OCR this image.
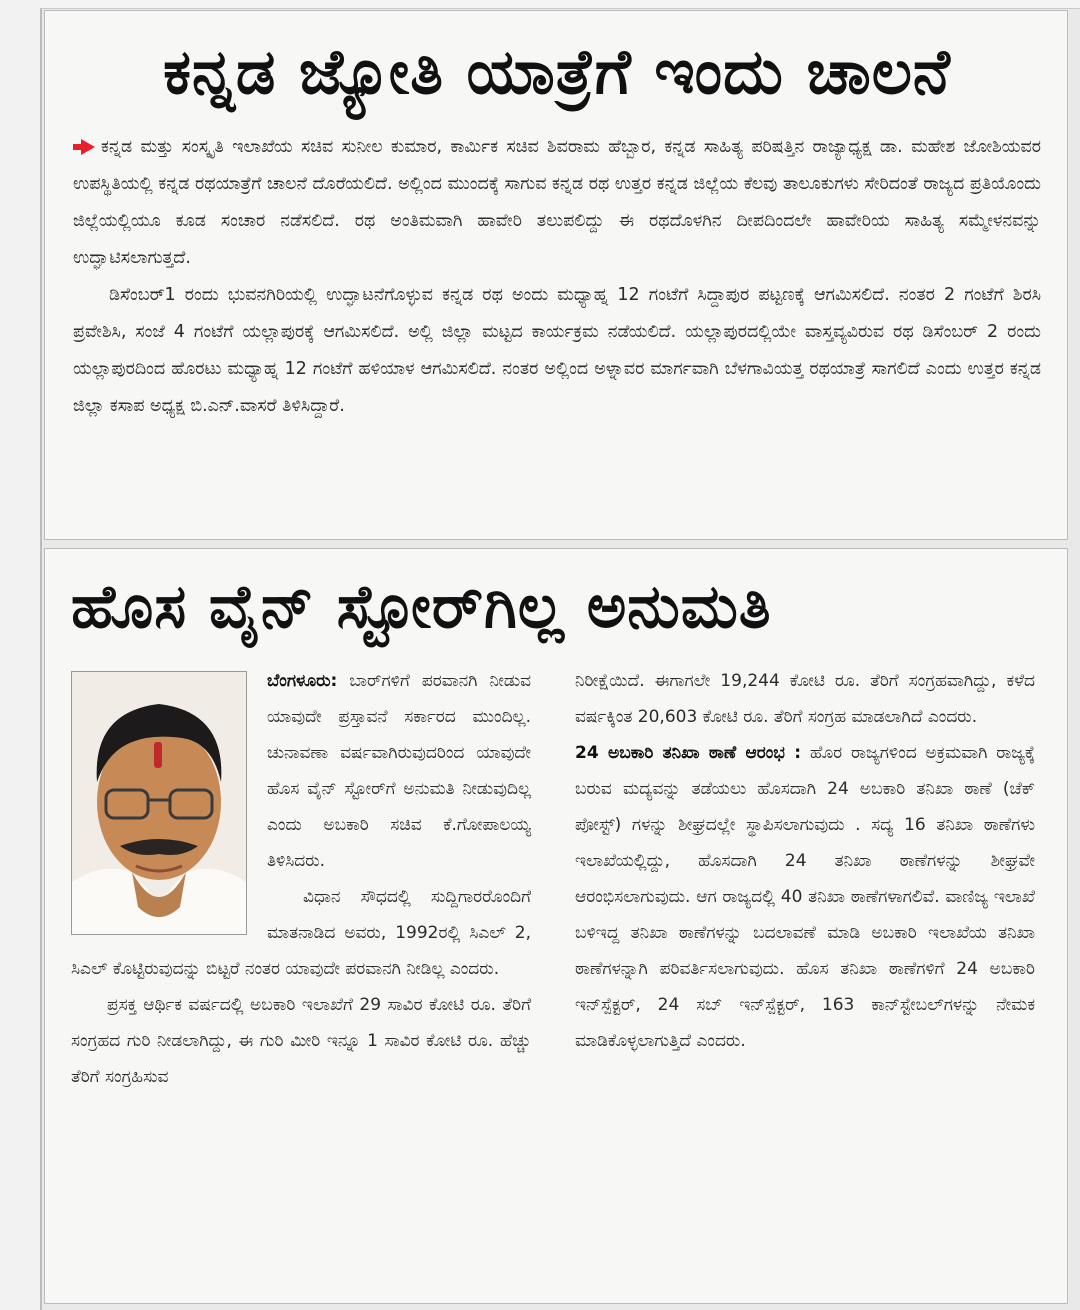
ಕನ್ನಡ ಜ್ಯೋತಿ ಯಾತ್ರೆಗೆ ಇಂದು ಚಾಲನೆ

ಕನ್ನಡ ಮತ್ತು ಸಂಸ್ಕೃತಿ ಇಲಾಖೆಯ ಸಚಿವ ಸುನೀಲ ಕುಮಾರ, ಕಾರ್ಮಿಕ ಸಚಿವ ಶಿವರಾಮ ಹೆಬ್ಬಾರ, ಕನ್ನಡ ಸಾಹಿತ್ಯ ಪರಿಷತ್ತಿನ ರಾಜ್ಯಾಧ್ಯಕ್ಷ ಡಾ. ಮಹೇಶ ಜೋಶಿಯವರ ಉಪಸ್ಥಿತಿಯಲ್ಲಿ ಕನ್ನಡ ರಥಯಾತ್ರೆಗೆ ಚಾಲನೆ ದೊರೆಯಲಿದೆ. ಅಲ್ಲಿಂದ ಮುಂದಕ್ಕೆ ಸಾಗುವ ಕನ್ನಡ ರಥ ಉತ್ತರ ಕನ್ನಡ ಜಿಲ್ಲೆಯ ಕೆಲವು ತಾಲೂಕುಗಳು ಸೇರಿದಂತೆ ರಾಜ್ಯದ ಪ್ರತಿಯೊಂದು ಜಿಲ್ಲೆಯಲ್ಲಿಯೂ ಕೂಡ ಸಂಚಾರ ನಡೆಸಲಿದೆ. ರಥ ಅಂತಿಮವಾಗಿ ಹಾವೇರಿ ತಲುಪಲಿದ್ದು ಈ ರಥದೊಳಗಿನ ದೀಪದಿಂದಲೇ ಹಾವೇರಿಯ ಸಾಹಿತ್ಯ ಸಮ್ಮೇಳನವನ್ನು ಉದ್ಘಾಟಿಸಲಾಗುತ್ತದೆ.

ಡಿಸೆಂಬರ್1 ರಂದು ಭುವನಗಿರಿಯಲ್ಲಿ ಉದ್ಘಾಟನೆಗೊಳ್ಳುವ ಕನ್ನಡ ರಥ ಅಂದು ಮಧ್ಯಾಹ್ನ 12 ಗಂಟೆಗೆ ಸಿದ್ದಾಪುರ ಪಟ್ಟಣಕ್ಕೆ ಆಗಮಿಸಲಿದೆ. ನಂತರ 2 ಗಂಟೆಗೆ ಶಿರಸಿ ಪ್ರವೇಶಿಸಿ, ಸಂಜೆ 4 ಗಂಟೆಗೆ ಯಲ್ಲಾಪುರಕ್ಕೆ ಆಗಮಿಸಲಿದೆ. ಅಲ್ಲಿ ಜಿಲ್ಲಾ ಮಟ್ಟದ ಕಾರ್ಯಕ್ರಮ ನಡೆಯಲಿದೆ. ಯಲ್ಲಾಪುರದಲ್ಲಿಯೇ ವಾಸ್ತವ್ಯವಿರುವ ರಥ ಡಿಸೆಂಬರ್ 2 ರಂದು ಯಲ್ಲಾಪುರದಿಂದ ಹೊರಟು ಮಧ್ಯಾಹ್ನ 12 ಗಂಟೆಗೆ ಹಳಿಯಾಳ ಆಗಮಿಸಲಿದೆ. ನಂತರ ಅಲ್ಲಿಂದ ಅಳ್ನಾವರ ಮಾರ್ಗವಾಗಿ ಬೆಳಗಾವಿಯತ್ತ ರಥಯಾತ್ರೆ ಸಾಗಲಿದೆ ಎಂದು ಉತ್ತರ ಕನ್ನಡ ಜಿಲ್ಲಾ ಕಸಾಪ ಅಧ್ಯಕ್ಷ ಬಿ.ಎನ್.ವಾಸರೆ ತಿಳಿಸಿದ್ದಾರೆ.

ಹೊಸ ವೈನ್ ಸ್ಟೋರ್‌ಗಿಲ್ಲ ಅನುಮತಿ

ಬೆಂಗಳೂರು: ಬಾರ್‌ಗಳಿಗೆ ಪರವಾನಗಿ ನೀಡುವ ಯಾವುದೇ ಪ್ರಸ್ತಾವನೆ ಸರ್ಕಾರದ ಮುಂದಿಲ್ಲ. ಚುನಾವಣಾ ವರ್ಷವಾಗಿರುವುದರಿಂದ ಯಾವುದೇ ಹೊಸ ವೈನ್ ಸ್ಟೋರ್‌ಗೆ ಅನುಮತಿ ನೀಡುವುದಿಲ್ಲ ಎಂದು ಅಬಕಾರಿ ಸಚಿವ ಕೆ.ಗೋಪಾಲಯ್ಯ ತಿಳಿಸಿದರು.

ವಿಧಾನ ಸೌಧದಲ್ಲಿ ಸುದ್ದಿಗಾರರೊಂದಿಗೆ ಮಾತನಾಡಿದ ಅವರು, 1992ರಲ್ಲಿ ಸಿಎಲ್ 2, ಸಿಎಲ್ ಕೊಟ್ಟಿರುವುದನ್ನು ಬಿಟ್ಟರೆ ನಂತರ ಯಾವುದೇ ಪರವಾನಗಿ ನೀಡಿಲ್ಲ ಎಂದರು.

ಪ್ರಸಕ್ತ ಆರ್ಥಿಕ ವರ್ಷದಲ್ಲಿ ಅಬಕಾರಿ ಇಲಾಖೆಗೆ 29 ಸಾವಿರ ಕೋಟಿ ರೂ. ತೆರಿಗೆ ಸಂಗ್ರಹದ ಗುರಿ ನೀಡಲಾಗಿದ್ದು, ಈ ಗುರಿ ಮೀರಿ ಇನ್ನೂ 1 ಸಾವಿರ ಕೋಟಿ ರೂ. ಹೆಚ್ಚು ತೆರಿಗೆ ಸಂಗ್ರಹಿಸುವ

ನಿರೀಕ್ಷೆಯಿದೆ. ಈಗಾಗಲೇ 19,244 ಕೋಟಿ ರೂ. ತೆರಿಗೆ ಸಂಗ್ರಹವಾಗಿದ್ದು, ಕಳೆದ ವರ್ಷಕ್ಕಿಂತ 20,603 ಕೋಟಿ ರೂ. ತೆರಿಗೆ ಸಂಗ್ರಹ ಮಾಡಲಾಗಿದೆ ಎಂದರು.

24 ಅಬಕಾರಿ ತನಿಖಾ ಠಾಣೆ ಆರಂಭ : ಹೊರ ರಾಜ್ಯಗಳಿಂದ ಅಕ್ರಮವಾಗಿ ರಾಜ್ಯಕ್ಕೆ ಬರುವ ಮದ್ಯವನ್ನು ತಡೆಯಲು ಹೊಸದಾಗಿ 24 ಅಬಕಾರಿ ತನಿಖಾ ಠಾಣೆ (ಚೆಕ್ ಪೋಸ್ಟ್) ಗಳನ್ನು ಶೀಘ್ರದಲ್ಲೇ ಸ್ಥಾಪಿಸಲಾಗುವುದು . ಸದ್ಯ 16 ತನಿಖಾ ಠಾಣೆಗಳು ಇಲಾಖೆಯಲ್ಲಿದ್ದು, ಹೊಸದಾಗಿ 24 ತನಿಖಾ ಠಾಣೆಗಳನ್ನು ಶೀಘ್ರವೇ ಆರಂಭಿಸಲಾಗುವುದು. ಆಗ ರಾಜ್ಯದಲ್ಲಿ 40 ತನಿಖಾ ಠಾಣೆಗಳಾಗಲಿವೆ. ವಾಣಿಜ್ಯ ಇಲಾಖೆ ಬಳಿಇದ್ದ ತನಿಖಾ ಠಾಣೆಗಳನ್ನು ಬದಲಾವಣೆ ಮಾಡಿ ಅಬಕಾರಿ ಇಲಾಖೆಯ ತನಿಖಾ ಠಾಣೆಗಳನ್ನಾಗಿ ಪರಿವರ್ತಿಸಲಾಗುವುದು. ಹೊಸ ತನಿಖಾ ಠಾಣೆಗಳಿಗೆ 24 ಅಬಕಾರಿ ಇನ್‌ಸ್ಪೆಕ್ಟರ್, 24 ಸಬ್ ಇನ್‌ಸ್ಪೆಕ್ಟರ್, 163 ಕಾನ್‌ಸ್ಟೇಬಲ್‌ಗಳನ್ನು ನೇಮಕ ಮಾಡಿಕೊಳ್ಳಲಾಗುತ್ತಿದೆ ಎಂದರು.
